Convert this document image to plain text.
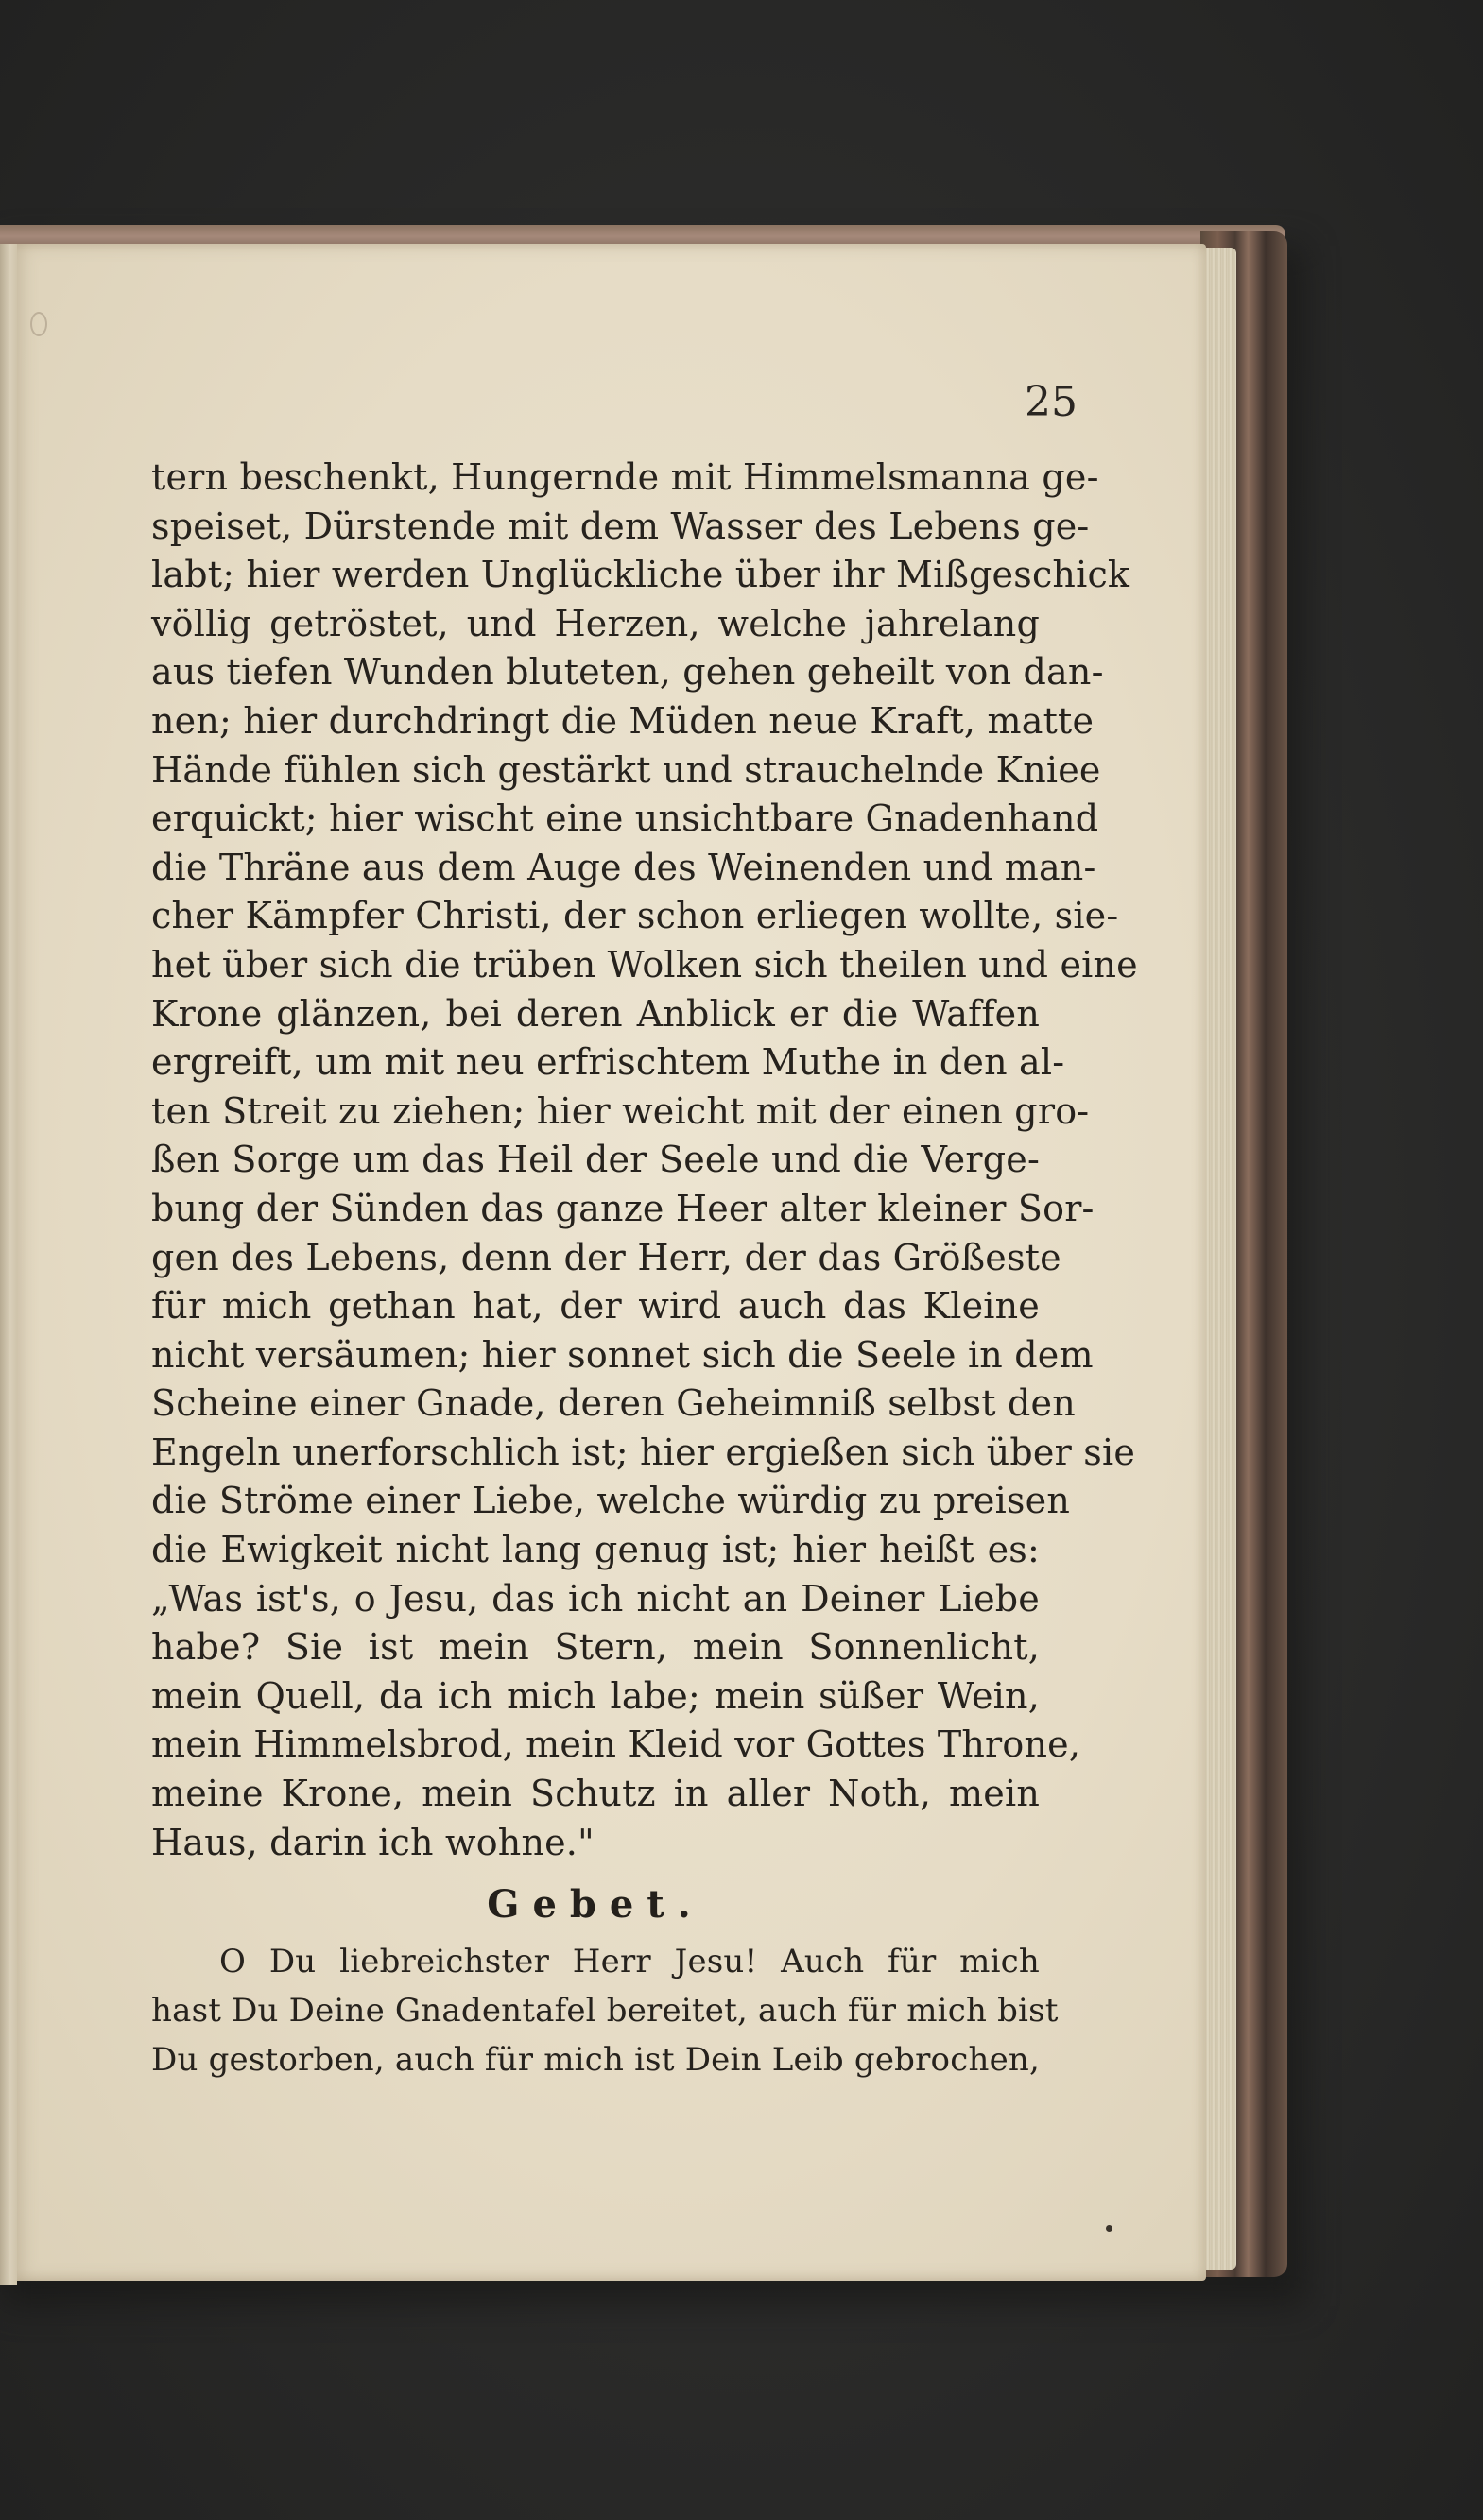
25
tern beschenkt, Hungernde mit Himmelsmanna ge-
speiset, Dürstende mit dem Wasser des Lebens ge-
labt; hier werden Unglückliche über ihr Mißgeschick
völlig getröstet, und Herzen, welche jahrelang
aus tiefen Wunden bluteten, gehen geheilt von dan-
nen; hier durchdringt die Müden neue Kraft, matte
Hände fühlen sich gestärkt und strauchelnde Kniee
erquickt; hier wischt eine unsichtbare Gnadenhand
die Thräne aus dem Auge des Weinenden und man-
cher Kämpfer Christi, der schon erliegen wollte, sie-
het über sich die trüben Wolken sich theilen und eine
Krone glänzen, bei deren Anblick er die Waffen
ergreift, um mit neu erfrischtem Muthe in den al-
ten Streit zu ziehen; hier weicht mit der einen gro-
ßen Sorge um das Heil der Seele und die Verge-
bung der Sünden das ganze Heer alter kleiner Sor-
gen des Lebens, denn der Herr, der das Größeste
für mich gethan hat, der wird auch das Kleine
nicht versäumen; hier sonnet sich die Seele in dem
Scheine einer Gnade, deren Geheimniß selbst den
Engeln unerforschlich ist; hier ergießen sich über sie
die Ströme einer Liebe, welche würdig zu preisen
die Ewigkeit nicht lang genug ist; hier heißt es:
„Was ist's, o Jesu, das ich nicht an Deiner Liebe
habe? Sie ist mein Stern, mein Sonnenlicht,
mein Quell, da ich mich labe; mein süßer Wein,
mein Himmelsbrod, mein Kleid vor Gottes Throne,
meine Krone, mein Schutz in aller Noth, mein
Haus, darin ich wohne."
Gebet.
O Du liebreichster Herr Jesu! Auch für mich
hast Du Deine Gnadentafel bereitet, auch für mich bist
Du gestorben, auch für mich ist Dein Leib gebrochen,
